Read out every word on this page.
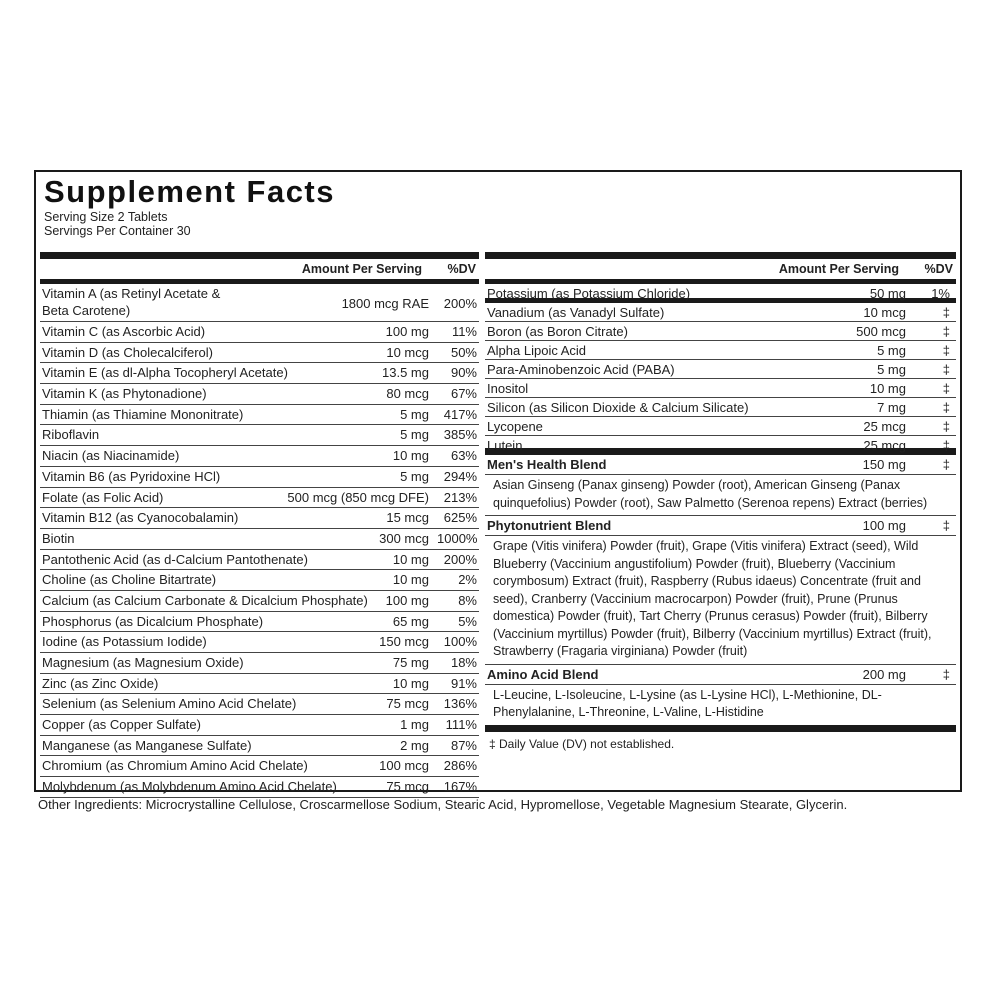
Supplement Facts
Serving Size 2 Tablets
Servings Per Container 30
Amount Per Serving	%DV
Vitamin A (as Retinyl Acetate &
Beta Carotene)	1800 mcg RAE	200%
Vitamin C (as Ascorbic Acid)	100 mg	11%
Vitamin D (as Cholecalciferol)	10 mcg	50%
Vitamin E (as dl-Alpha Tocopheryl Acetate)	13.5 mg	90%
Vitamin K (as Phytonadione)	80 mcg	67%
Thiamin (as Thiamine Mononitrate)	5 mg	417%
Riboflavin	5 mg	385%
Niacin (as Niacinamide)	10 mg	63%
Vitamin B6 (as Pyridoxine HCl)	5 mg	294%
Folate (as Folic Acid)	500 mcg (850 mcg DFE)	213%
Vitamin B12 (as Cyanocobalamin)	15 mcg	625%
Biotin	300 mcg 1000%
Pantothenic Acid (as d-Calcium Pantothenate)	10 mg	200%
Choline (as Choline Bitartrate)	10 mg	2%
Calcium (as Calcium Carbonate & Dicalcium Phosphate)	100 mg	8%
Phosphorus (as Dicalcium Phosphate)	65 mg	5%
Iodine (as Potassium Iodide)	150 mcg	100%
Magnesium (as Magnesium Oxide)	75 mg	18%
Zinc (as Zinc Oxide)	10 mg	91%
Selenium (as Selenium Amino Acid Chelate)	75 mcg	136%
Copper (as Copper Sulfate)	1 mg	111%
Manganese (as Manganese Sulfate)	2 mg	87%
Chromium (as Chromium Amino Acid Chelate)	100 mcg	286%
Molybdenum (as Molybdenum Amino Acid Chelate)	75 mcg	167%
Amount Per Serving	%DV
Potassium (as Potassium Chloride)	50 mg	1%
Vanadium (as Vanadyl Sulfate)	10 mcg	‡
Boron (as Boron Citrate)	500 mcg	‡
Alpha Lipoic Acid	5 mg	‡
Para-Aminobenzoic Acid (PABA)	5 mg	‡
Inositol	10 mg	‡
Silicon (as Silicon Dioxide & Calcium Silicate)	7 mg	‡
Lycopene	25 mcg	‡
Lutein	25 mcg	‡
Men's Health Blend	150 mg	‡
Asian Ginseng (Panax ginseng) Powder (root), American Ginseng (Panax quinquefolius) Powder (root), Saw Palmetto (Serenoa repens) Extract (berries)
Phytonutrient Blend	100 mg	‡
Grape (Vitis vinifera) Powder (fruit), Grape (Vitis vinifera) Extract (seed), Wild Blueberry (Vaccinium angustifolium) Powder (fruit), Blueberry (Vaccinium corymbosum) Extract (fruit), Raspberry (Rubus idaeus) Concentrate (fruit and seed), Cranberry (Vaccinium macrocarpon) Powder (fruit), Prune (Prunus domestica) Powder (fruit), Tart Cherry (Prunus cerasus) Powder (fruit), Bilberry (Vaccinium myrtillus) Powder (fruit), Bilberry (Vaccinium myrtillus) Extract (fruit), Strawberry (Fragaria virginiana) Powder (fruit)
Amino Acid Blend	200 mg	‡
L-Leucine, L-Isoleucine, L-Lysine (as L-Lysine HCl), L-Methionine, DL-Phenylalanine, L-Threonine, L-Valine, L-Histidine
‡ Daily Value (DV) not established.
Other Ingredients: Microcrystalline Cellulose, Croscarmellose Sodium, Stearic Acid, Hypromellose, Vegetable Magnesium Stearate, Glycerin.
